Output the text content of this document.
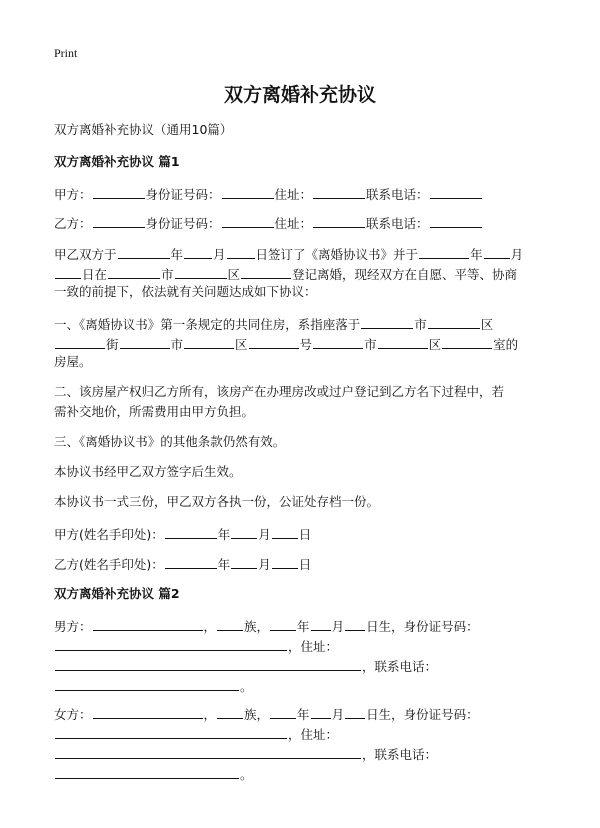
Print
双方离婚补充协议
双方离婚补充协议（通用10篇）
双方离婚补充协议 篇1
甲方：	身份证号码：	住址：	联系电话：
乙方：	身份证号码：	住址：	联系电话：
甲乙双方于	年 月 日签订了《离婚协议书》并于	年 月
日在	市	区	登记离婚，现经双方在自愿、平等、协商
一致的前提下，依法就有关问题达成如下协议：
一、《离婚协议书》第一条规定的共同住房，系指座落于	市	区
街	市	区	号	市	区	室的
房屋。
二、该房屋产权归乙方所有，该房产在办理房改或过户登记到乙方名下过程中，若
需补交地价，所需费用由甲方负担。
三、《离婚协议书》的其他条款仍然有效。
本协议书经甲乙双方签字后生效。
本协议书一式三份，甲乙双方各执一份，公证处存档一份。
甲方(姓名手印处)：	年 月 日
乙方(姓名手印处)：	年 月 日
双方离婚补充协议 篇2
男方：	， 族， 年 月 日生，身份证号码：
，住址：
，联系电话：
。
女方：	， 族， 年 月 日生，身份证号码：
，住址：
，联系电话：
。
